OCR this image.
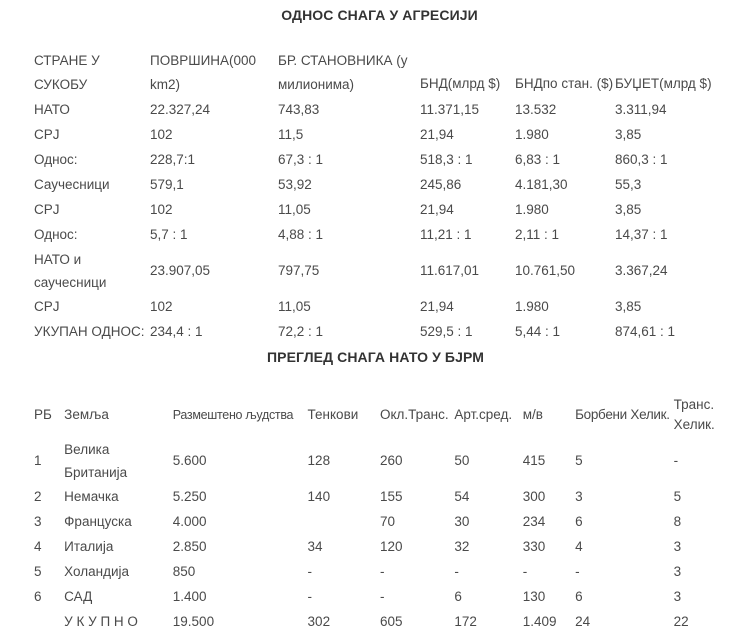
ОДНОС СНАГА У АГРЕСИЈИ
СТРАНЕ У СУКОБУ	ПОВРШИНА(000 km2)	БР. СТАНОВНИКА (у милионима)	БНД(млрд $)	БНДпо стан. ($)	БУЏЕТ(млрд $)
НАТО	22.327,24	743,83	11.371,15	13.532	3.311,94
СРЈ	102	11,5	21,94	1.980	3,85
Однос:	228,7:1	67,3 : 1	518,3 : 1	6,83 : 1	860,3 : 1
Саучесници	579,1	53,92	245,86	4.181,30	55,3
СРЈ	102	11,05	21,94	1.980	3,85
Однос:	5,7 : 1	4,88 : 1	11,21 : 1	2,11 : 1	14,37 : 1
НАТО и саучесници	23.907,05	797,75	11.617,01	10.761,50	3.367,24
СРЈ	102	11,05	21,94	1.980	3,85
УКУПАН ОДНОС:	234,4 : 1	72,2 : 1	529,5 : 1	5,44 : 1	874,61 : 1
ПРЕГЛЕД СНАГА НАТО У БЈРМ
РБ	Земља	Размештено људства	Тенкови	Окл.Транс.	Арт.сред.	м/в	Борбени Хелик.	Транс. Хелик.
1	Велика Британија	5.600	128	260	50	415	5	-
2	Немачка	5.250	140	155	54	300	3	5
3	Француска	4.000		70	30	234	6	8
4	Италија	2.850	34	120	32	330	4	3
5	Холандија	850	-	-	-	-	-	3
6	САД	1.400	-	-	6	130	6	3
	У К У П Н О	19.500	302	605	172	1.409	24	22
